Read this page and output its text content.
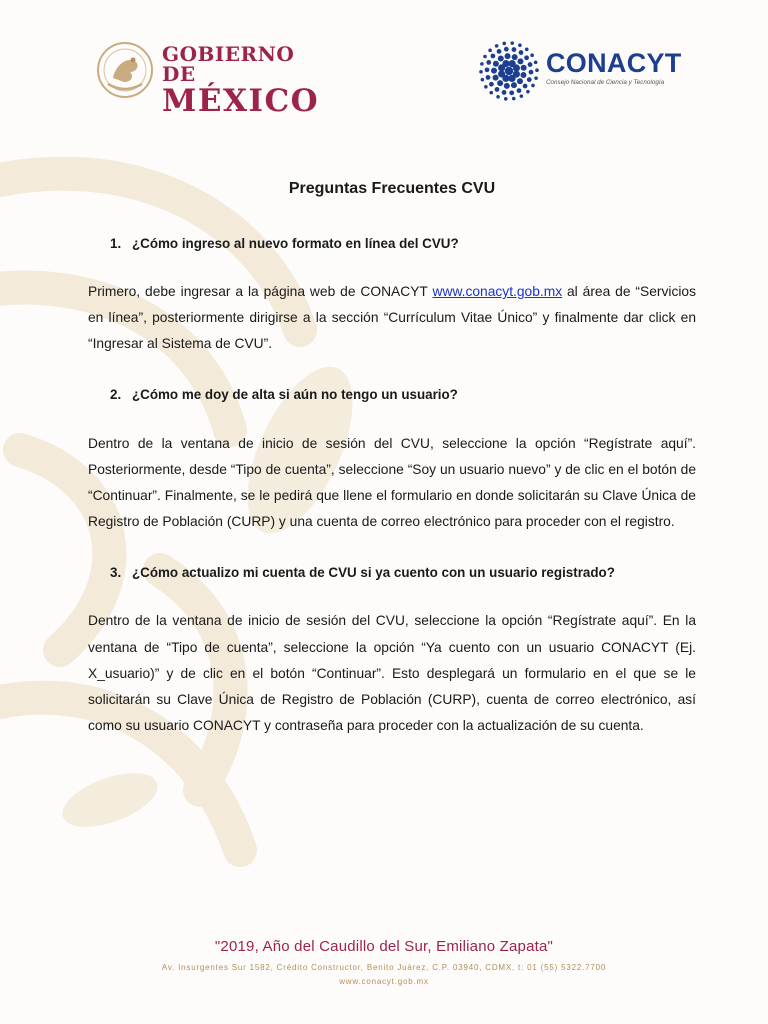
GOBIERNO DE
MÉXICO
CONACYT
Consejo Nacional de Ciencia y Tecnología
Preguntas Frecuentes CVU
1. ¿Cómo ingreso al nuevo formato en línea del CVU?

Primero, debe ingresar a la página web de CONACYT www.conacyt.gob.mx al área de “Servicios en línea”, posteriormente dirigirse a la sección “Currículum Vitae Único” y finalmente dar click en “Ingresar al Sistema de CVU”.

2. ¿Cómo me doy de alta si aún no tengo un usuario?

Dentro de la ventana de inicio de sesión del CVU, seleccione la opción “Regístrate aquí”. Posteriormente, desde “Tipo de cuenta”, seleccione “Soy un usuario nuevo” y de clic en el botón de “Continuar”. Finalmente, se le pedirá que llene el formulario en donde solicitarán su Clave Única de Registro de Población (CURP) y una cuenta de correo electrónico para proceder con el registro.

3. ¿Cómo actualizo mi cuenta de CVU si ya cuento con un usuario registrado?

Dentro de la ventana de inicio de sesión del CVU, seleccione la opción “Regístrate aquí”. En la ventana de “Tipo de cuenta”, seleccione la opción “Ya cuento con un usuario CONACYT (Ej. X_usuario)” y de clic en el botón “Continuar”. Esto desplegará un formulario en el que se le solicitarán su Clave Única de Registro de Población (CURP), cuenta de correo electrónico, así como su usuario CONACYT y contraseña para proceder con la actualización de su cuenta.

"2019, Año del Caudillo del Sur, Emiliano Zapata"
Av. Insurgentes Sur 1582, Crédito Constructor, Benito Juárez, C.P. 03940, CDMX, t: 01 (55) 5322.7700
www.conacyt.gob.mx
